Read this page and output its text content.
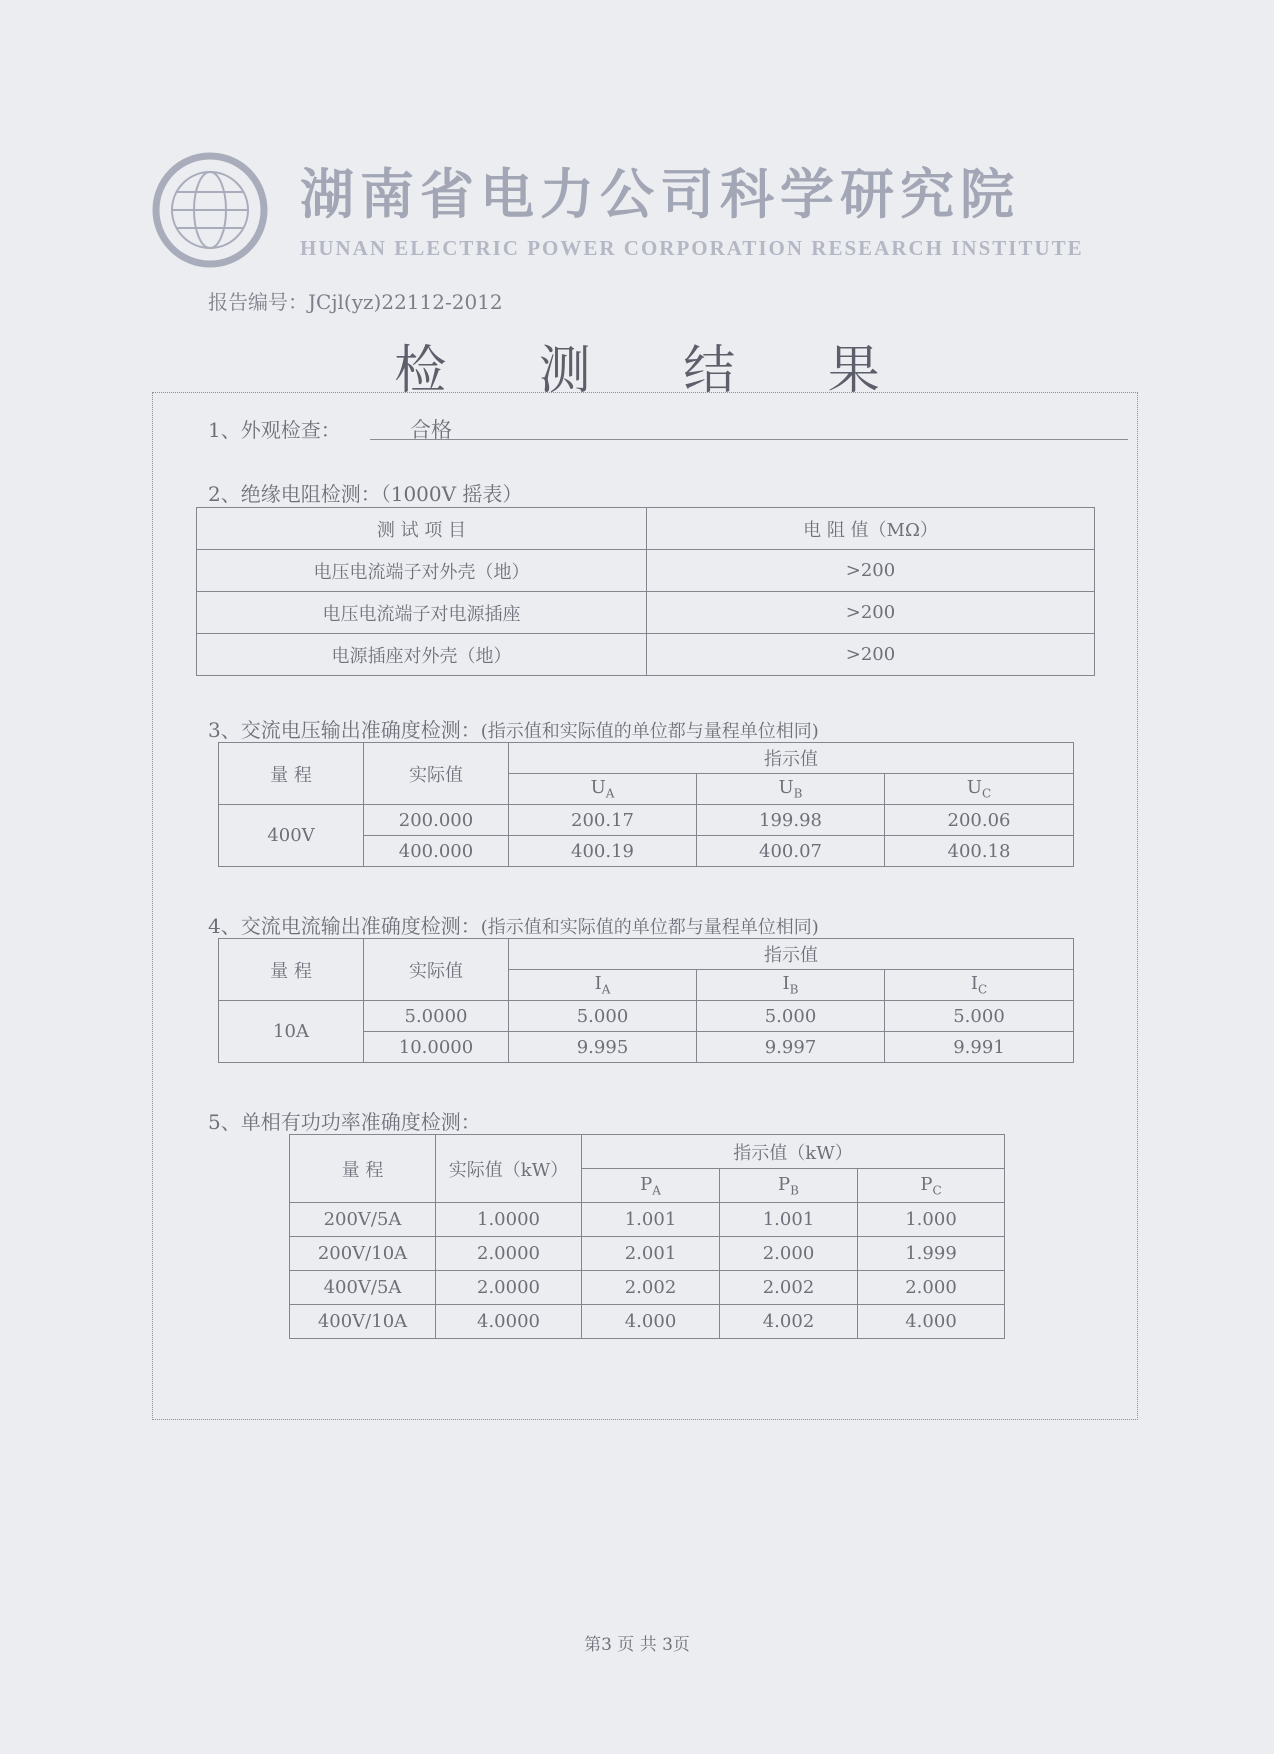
CORPORATION
湖南省电力公司科学研究院
HUNAN ELECTRIC POWER CORPORATION RESEARCH INSTITUTE
报告编号：JCjl(yz)22112-2012
检 测 结 果
1、外观检查：	合格
2、绝缘电阻检测：（1000V 摇表）
测 试 项 目	电 阻 值（MΩ）
电压电流端子对外壳（地）	>200
电压电流端子对电源插座	>200
电源插座对外壳（地）	>200
3、交流电压输出准确度检测：(指示值和实际值的单位都与量程单位相同)
量 程	实际值	指示值		
		$U_A$	$U_B$	$U_C$
400V	200.000	200.17	199.98	200.06
	400.000	400.19	400.07	400.18
4、交流电流输出准确度检测：(指示值和实际值的单位都与量程单位相同)
量 程	实际值	指示值		
		$I_A$	$I_B$	$I_C$
10A	5.0000	5.000	5.000	5.000
	10.0000	9.995	9.997	9.991
5、单相有功功率准确度检测：
量 程	实际值（kW）	指示值（kW）		
		$P_A$	$P_B$	$P_C$
200V/5A	1.0000	1.001	1.001	1.000
200V/10A	2.0000	2.001	2.000	1.999
400V/5A	2.0000	2.002	2.002	2.000
400V/10A	4.0000	4.000	4.002	4.000
第3 页 共 3页
